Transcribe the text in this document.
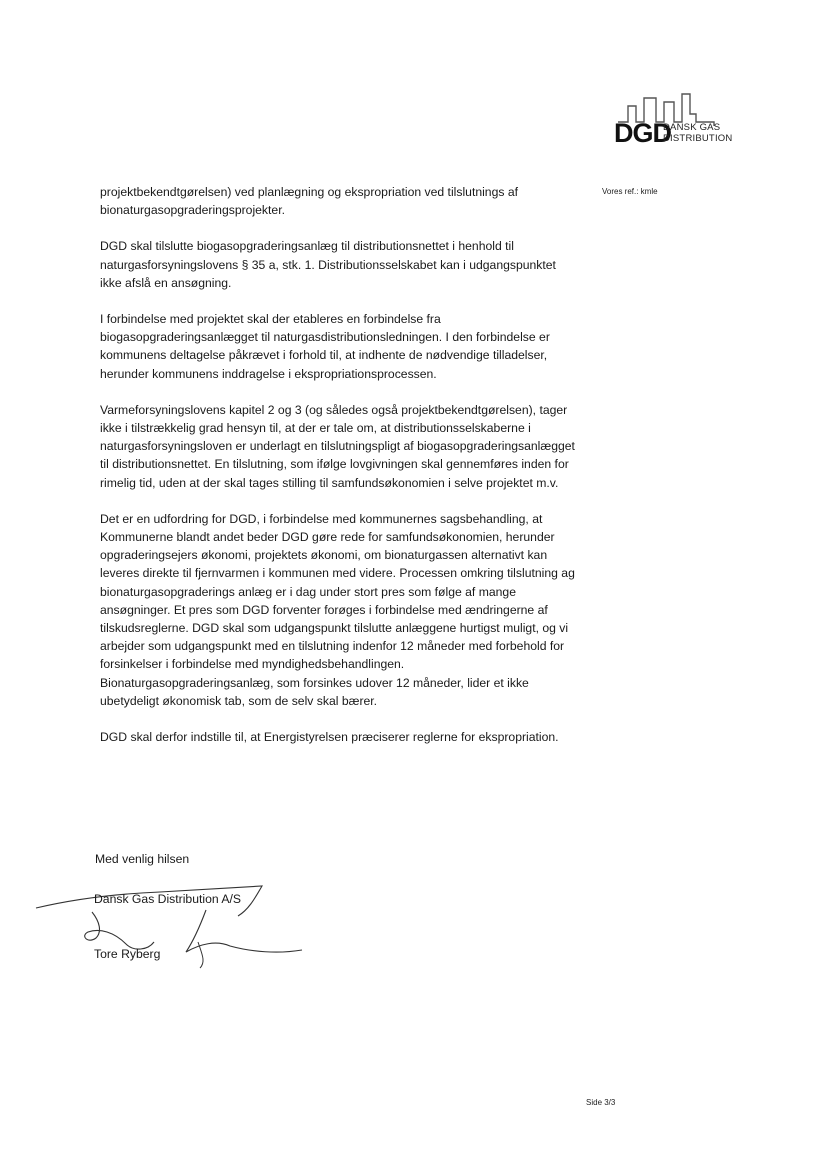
DGD
DANSK GAS
DISTRIBUTION
Vores ref.: kmle

projektbekendtgørelsen) ved planlægning og ekspropriation ved tilslutnings af bionaturgasopgraderingsprojekter.

DGD skal tilslutte biogasopgraderingsanlæg til distributionsnettet i henhold til naturgasforsyningslovens § 35 a, stk. 1. Distributionsselskabet kan i udgangspunktet ikke afslå en ansøgning.

I forbindelse med projektet skal der etableres en forbindelse fra biogasopgraderingsanlægget til naturgasdistributionsledningen. I den forbindelse er kommunens deltagelse påkrævet i forhold til, at indhente de nødvendige tilladelser, herunder kommunens inddragelse i ekspropriationsprocessen.

Varmeforsyningslovens kapitel 2 og 3 (og således også projektbekendtgørelsen), tager ikke i tilstrækkelig grad hensyn til, at der er tale om, at distributionsselskaberne i naturgasforsyningsloven er underlagt en tilslutningspligt af biogasopgraderingsanlægget til distributionsnettet. En tilslutning, som ifølge lovgivningen skal gennemføres inden for rimelig tid, uden at der skal tages stilling til samfundsøkonomien i selve projektet m.v.

Det er en udfordring for DGD, i forbindelse med kommunernes sagsbehandling, at Kommunerne blandt andet beder DGD gøre rede for samfundsøkonomien, herunder opgraderingsejers økonomi, projektets økonomi, om bionaturgassen alternativt kan leveres direkte til fjernvarmen i kommunen med videre. Processen omkring tilslutning ag bionaturgasopgraderings anlæg er i dag under stort pres som følge af mange ansøgninger. Et pres som DGD forventer forøges i forbindelse med ændringerne af tilskudsreglerne. DGD skal som udgangspunkt tilslutte anlæggene hurtigst muligt, og vi arbejder som udgangspunkt med en tilslutning indenfor 12 måneder med forbehold for forsinkelser i forbindelse med myndighedsbehandlingen. Bionaturgasopgraderingsanlæg, som forsinkes udover 12 måneder, lider et ikke ubetydeligt økonomisk tab, som de selv skal bærer.

DGD skal derfor indstille til, at Energistyrelsen præciserer reglerne for ekspropriation.

Med venlig hilsen
Dansk Gas Distribution A/S
Tore Ryberg
Side 3/3
